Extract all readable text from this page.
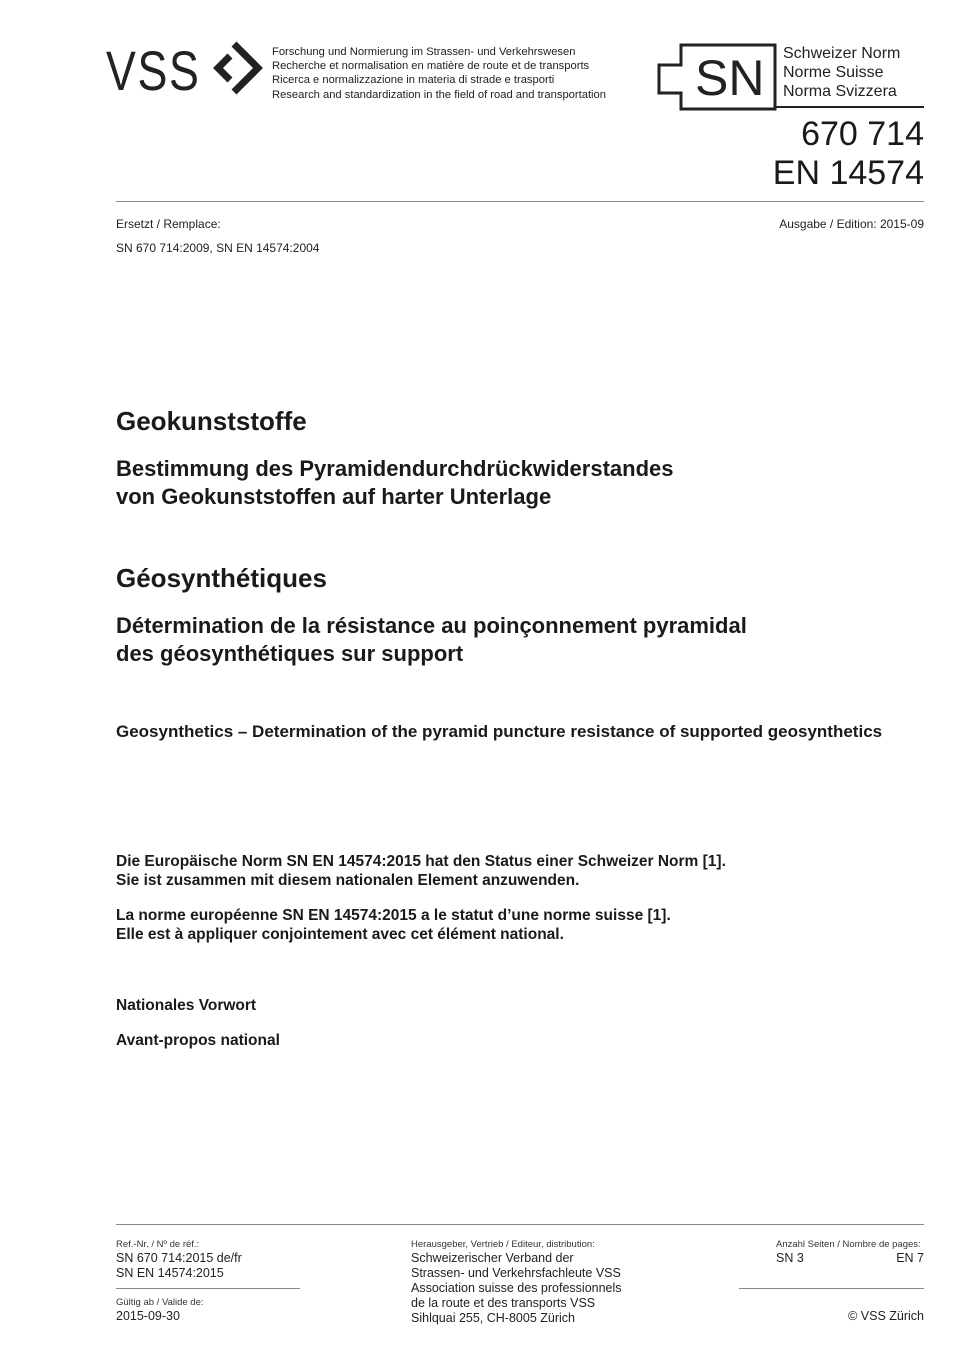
VSS	Forschung und Normierung im Strassen- und Verkehrswesen
Recherche et normalisation en matière de route et de transports
Ricerca e normalizzazione in materia di strade e trasporti
Research and standardization in the field of road and transportation SN Schweizer Norm
Norme Suisse
Norma Svizzera
670 714
EN 14574
Ersetzt / Remplace:
SN 670 714:2009, SN EN 14574:2004
Ausgabe / Edition: 2015-09
Geokunststoffe
Bestimmung des Pyramidendurchdrückwiderstandes
von Geokunststoffen auf harter Unterlage
Géosynthétiques
Détermination de la résistance au poinçonnement pyramidal
des géosynthétiques sur support
Geosynthetics – Determination of the pyramid puncture resistance of supported geosynthetics
Die Europäische Norm SN EN 14574:2015 hat den Status einer Schweizer Norm [1].
Sie ist zusammen mit diesem nationalen Element anzuwenden.
La norme européenne SN EN 14574:2015 a le statut d’une norme suisse [1].
Elle est à appliquer conjointement avec cet élément national.
Nationales Vorwort
Avant-propos national
Ref.-Nr. / Nº de réf.:
SN 670 714:2015 de/fr
SN EN 14574:2015
Gültig ab / Valide de:
2015-09-30
Herausgeber, Vertrieb / Editeur, distribution:
Schweizerischer Verband der
Strassen- und Verkehrsfachleute VSS
Association suisse des professionnels
de la route et des transports VSS
Sihlquai 255, CH-8005 Zürich
Anzahl Seiten / Nombre de pages:
SN 3	EN 7
© VSS Zürich
